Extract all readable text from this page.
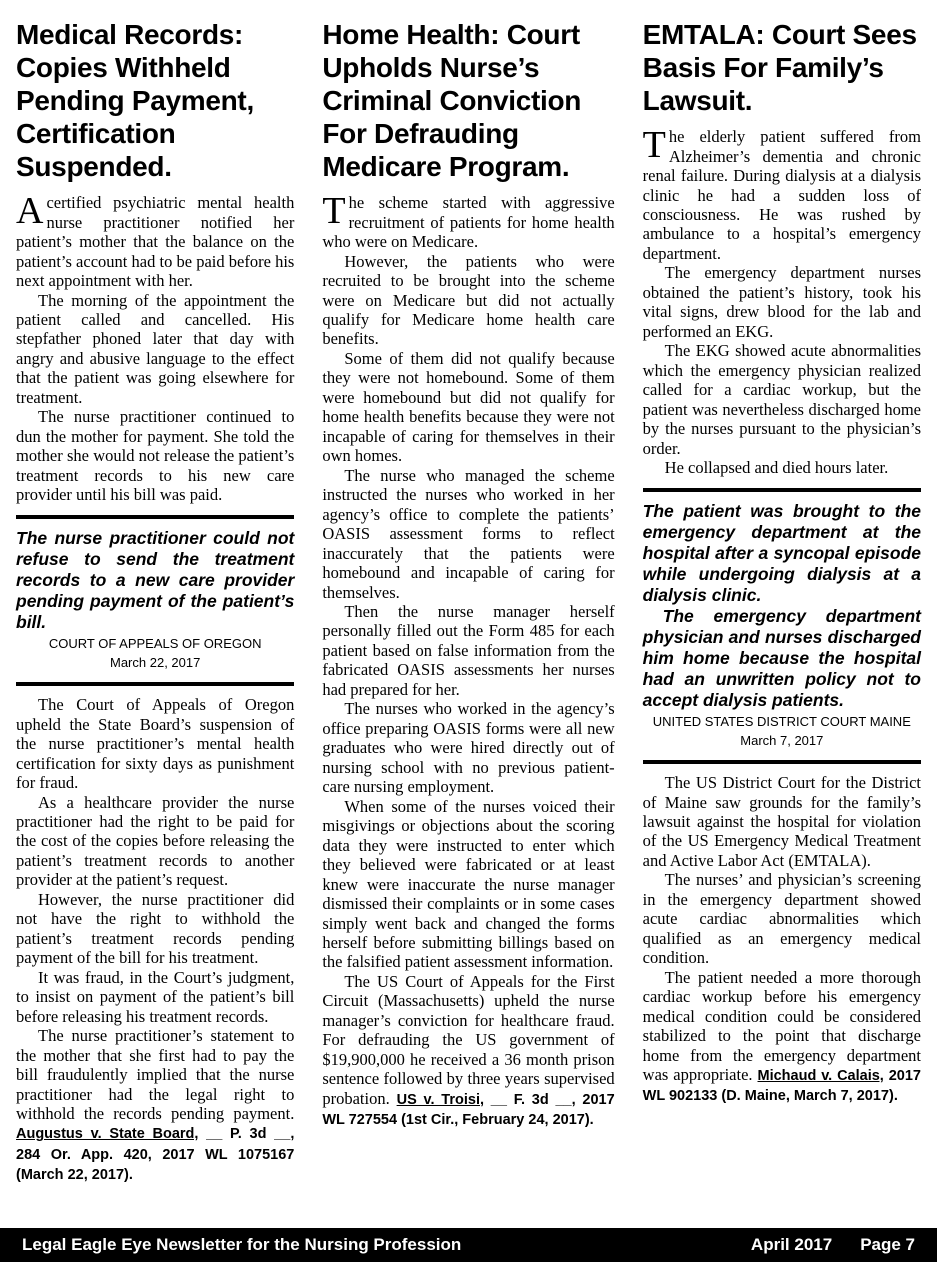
Medical Records: Copies Withheld Pending Payment, Certification Suspended.

A certified psychiatric mental health nurse practitioner notified her patient’s mother that the balance on the patient’s account had to be paid before his next appointment with her.

The morning of the appointment the patient called and cancelled. His stepfather phoned later that day with angry and abusive language to the effect that the patient was going elsewhere for treatment.

The nurse practitioner continued to dun the mother for payment. She told the mother she would not release the patient’s treatment records to his new care provider until his bill was paid.

The nurse practitioner could not refuse to send the treatment records to a new care provider pending payment of the patient’s bill.

COURT OF APPEALS OF OREGON

March 22, 2017

The Court of Appeals of Oregon upheld the State Board’s suspension of the nurse practitioner’s mental health certification for sixty days as punishment for fraud.

As a healthcare provider the nurse practitioner had the right to be paid for the cost of the copies before releasing the patient’s treatment records to another provider at the patient’s request.

However, the nurse practitioner did not have the right to withhold the patient’s treatment records pending payment of the bill for his treatment.

It was fraud, in the Court’s judgment, to insist on payment of the patient’s bill before releasing his treatment records.

The nurse practitioner’s statement to the mother that she first had to pay the bill fraudulently implied that the nurse practitioner had the legal right to withhold the records pending payment. Augustus v. State Board, __ P. 3d __, 284 Or. App. 420, 2017 WL 1075167 (March 22, 2017).

Home Health: Court Upholds Nurse’s Criminal Conviction For Defrauding Medicare Program.

The scheme started with aggressive recruitment of patients for home health who were on Medicare.

However, the patients who were recruited to be brought into the scheme were on Medicare but did not actually qualify for Medicare home health care benefits.

Some of them did not qualify because they were not homebound. Some of them were homebound but did not qualify for home health benefits because they were not incapable of caring for themselves in their own homes.

The nurse who managed the scheme instructed the nurses who worked in her agency’s office to complete the patients’ OASIS assessment forms to reflect inaccurately that the patients were homebound and incapable of caring for themselves.

Then the nurse manager herself personally filled out the Form 485 for each patient based on false information from the fabricated OASIS assessments her nurses had prepared for her.

The nurses who worked in the agency’s office preparing OASIS forms were all new graduates who were hired directly out of nursing school with no previous patient-care nursing employment.

When some of the nurses voiced their misgivings or objections about the scoring data they were instructed to enter which they believed were fabricated or at least knew were inaccurate the nurse manager dismissed their complaints or in some cases simply went back and changed the forms herself before submitting billings based on the falsified patient assessment information.

The US Court of Appeals for the First Circuit (Massachusetts) upheld the nurse manager’s conviction for healthcare fraud. For defrauding the US government of $19,900,000 he received a 36 month prison sentence followed by three years supervised probation. US v. Troisi, __ F. 3d __, 2017 WL 727554 (1st Cir., February 24, 2017).

EMTALA: Court Sees Basis For Family’s Lawsuit.

The elderly patient suffered from Alzheimer’s dementia and chronic renal failure. During dialysis at a dialysis clinic he had a sudden loss of consciousness. He was rushed by ambulance to a hospital’s emergency department.

The emergency department nurses obtained the patient’s history, took his vital signs, drew blood for the lab and performed an EKG.

The EKG showed acute abnormalities which the emergency physician realized called for a cardiac workup, but the patient was nevertheless discharged home by the nurses pursuant to the physician’s order.

He collapsed and died hours later.

The patient was brought to the emergency department at the hospital after a syncopal episode while undergoing dialysis at a dialysis clinic.

The emergency department physician and nurses discharged him home because the hospital had an unwritten policy not to accept dialysis patients.

UNITED STATES DISTRICT COURT MAINE

March 7, 2017

The US District Court for the District of Maine saw grounds for the family’s lawsuit against the hospital for violation of the US Emergency Medical Treatment and Active Labor Act (EMTALA).

The nurses’ and physician’s screening in the emergency department showed acute cardiac abnormalities which qualified as an emergency medical condition.

The patient needed a more thorough cardiac workup before his emergency medical condition could be considered stabilized to the point that discharge home from the emergency department was appropriate. Michaud v. Calais, 2017 WL 902133 (D. Maine, March 7, 2017).

Legal Eagle Eye Newsletter for the Nursing Profession	April 2017 Page 7
